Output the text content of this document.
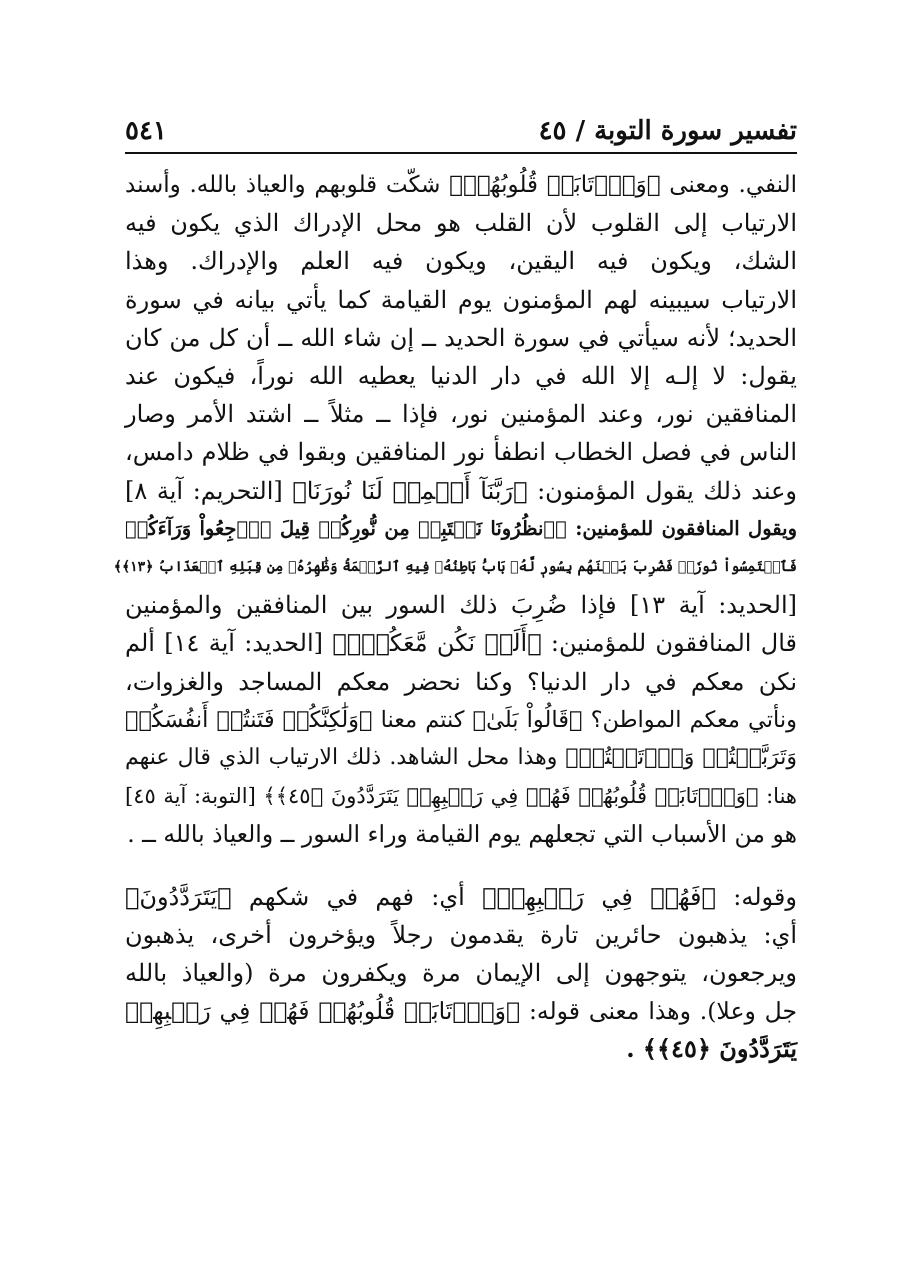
تفسير سورة التوبة / ٤٥
٥٤١
النفي. ومعنى ﴿وَٱرۡتَابَتۡ قُلُوبُهُمۡ﴾ شكّت قلوبهم والعياذ بالله. وأسند
الارتياب إلى القلوب لأن القلب هو محل الإدراك الذي يكون فيه
الشك، ويكون فيه اليقين، ويكون فيه العلم والإدراك. وهذا
الارتياب سيبينه لهم المؤمنون يوم القيامة كما يأتي بيانه في سورة
الحديد؛ لأنه سيأتي في سورة الحديد ــ إن شاء الله ــ أن كل من كان
يقول: لا إلـه إلا الله في دار الدنيا يعطيه الله نوراً، فيكون عند
المنافقين نور، وعند المؤمنين نور، فإذا ــ مثلاً ــ اشتد الأمر وصار
الناس في فصل الخطاب انطفأ نور المنافقين وبقوا في ظلام دامس،
وعند ذلك يقول المؤمنون: ﴿رَبَّنَآ أَتۡمِمۡ لَنَا نُورَنَا﴾ [التحريم: آية ٨]
ويقول المنافقون للمؤمنين: ﴿ٱنظُرُونَا نَقۡتَبِسۡ مِن نُّورِكُمۡ قِيلَ ٱرۡجِعُواْ وَرَآءَكُمۡ
فَٱلۡتَمِسُواْ نُورٗاۖ فَضُرِبَ بَيۡنَهُم بِسُورٖ لَّهُۥ بَابُۢ بَاطِنُهُۥ فِيهِ ٱلرَّحۡمَةُ وَظَٰهِرُهُۥ مِن قِبَلِهِ ٱلۡعَذَابُ ﴿١٣﴾﴾
[الحديد: آية ١٣] فإذا ضُرِبَ ذلك السور بين المنافقين والمؤمنين
قال المنافقون للمؤمنين: ﴿أَلَمۡ نَكُن مَّعَكُمۡۖ﴾ [الحديد: آية ١٤] ألم
نكن معكم في دار الدنيا؟ وكنا نحضر معكم المساجد والغزوات،
ونأتي معكم المواطن؟ ﴿قَالُواْ بَلَىٰ﴾ كنتم معنا ﴿وَلَٰكِنَّكُمۡ فَتَنتُمۡ أَنفُسَكُمۡ
وَتَرَبَّصۡتُمۡ وَٱرۡتَبۡتُمۡ﴾ وهذا محل الشاهد. ذلك الارتياب الذي قال عنهم
هنا: ﴿وَٱرۡتَابَتۡ قُلُوبُهُمۡ فَهُمۡ فِي رَيۡبِهِمۡ يَتَرَدَّدُونَ ﴿٤٥﴾﴾ [التوبة: آية ٤٥]
هو من الأسباب التي تجعلهم يوم القيامة وراء السور ــ والعياذ بالله ــ .
وقوله: ﴿فَهُمۡ فِي رَيۡبِهِمۡ﴾ أي: فهم في شكهم ﴿يَتَرَدَّدُونَ﴾
أي: يذهبون حائرين تارة يقدمون رجلاً ويؤخرون أخرى، يذهبون
ويرجعون، يتوجهون إلى الإيمان مرة ويكفرون مرة (والعياذ بالله
جل وعلا). وهذا معنى قوله: ﴿وَٱرۡتَابَتۡ قُلُوبُهُمۡ فَهُمۡ فِي رَيۡبِهِمۡ
يَتَرَدَّدُونَ ﴿٤٥﴾﴾ .
